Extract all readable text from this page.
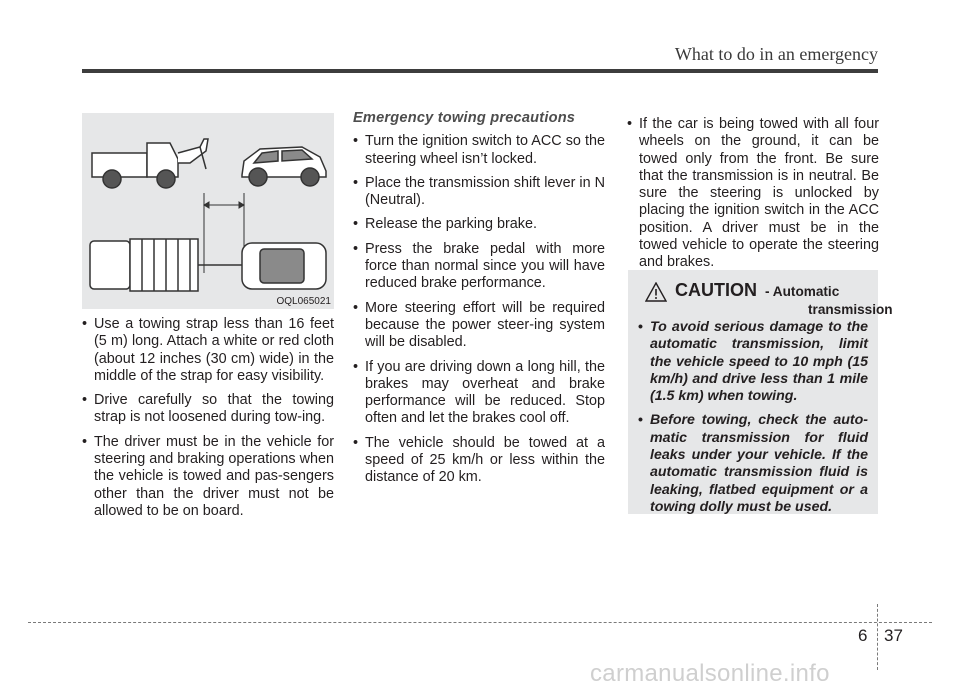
What to do in an emergency
OQL065021
• Use a towing strap less than 16 feet (5 m) long. Attach a white or red cloth (about 12 inches (30 cm) wide) in the middle of the strap for easy visibility.
• Drive carefully so that the towing strap is not loosened during tow-ing.
• The driver must be in the vehicle for steering and braking operations when the vehicle is towed and pas-sengers other than the driver must not be allowed to be on board.
Emergency towing precautions
• Turn the ignition switch to ACC so the steering wheel isn’t locked.
• Place the transmission shift lever in N (Neutral).
• Release the parking brake.
• Press the brake pedal with more force than normal since you will have reduced brake performance.
• More steering effort will be required because the power steer-ing system will be disabled.
• If you are driving down a long hill, the brakes may overheat and brake performance will be reduced. Stop often and let the brakes cool off.
• The vehicle should be towed at a speed of 25 km/h or less within the distance of 20 km.
• If the car is being towed with all four wheels on the ground, it can be towed only from the front. Be sure that the transmission is in neutral. Be sure the steering is unlocked by placing the ignition switch in the ACC position. A driver must be in the towed vehicle to operate the steering and brakes.
CAUTION - Automatic
transmission
• To avoid serious damage to the automatic transmission, limit the vehicle speed to 10 mph (15 km/h) and drive less than 1 mile (1.5 km) when towing.
• Before towing, check the auto-matic transmission for fluid leaks under your vehicle. If the automatic transmission fluid is leaking, flatbed equipment or a towing dolly must be used.
6 37
carmanualsonline.info
